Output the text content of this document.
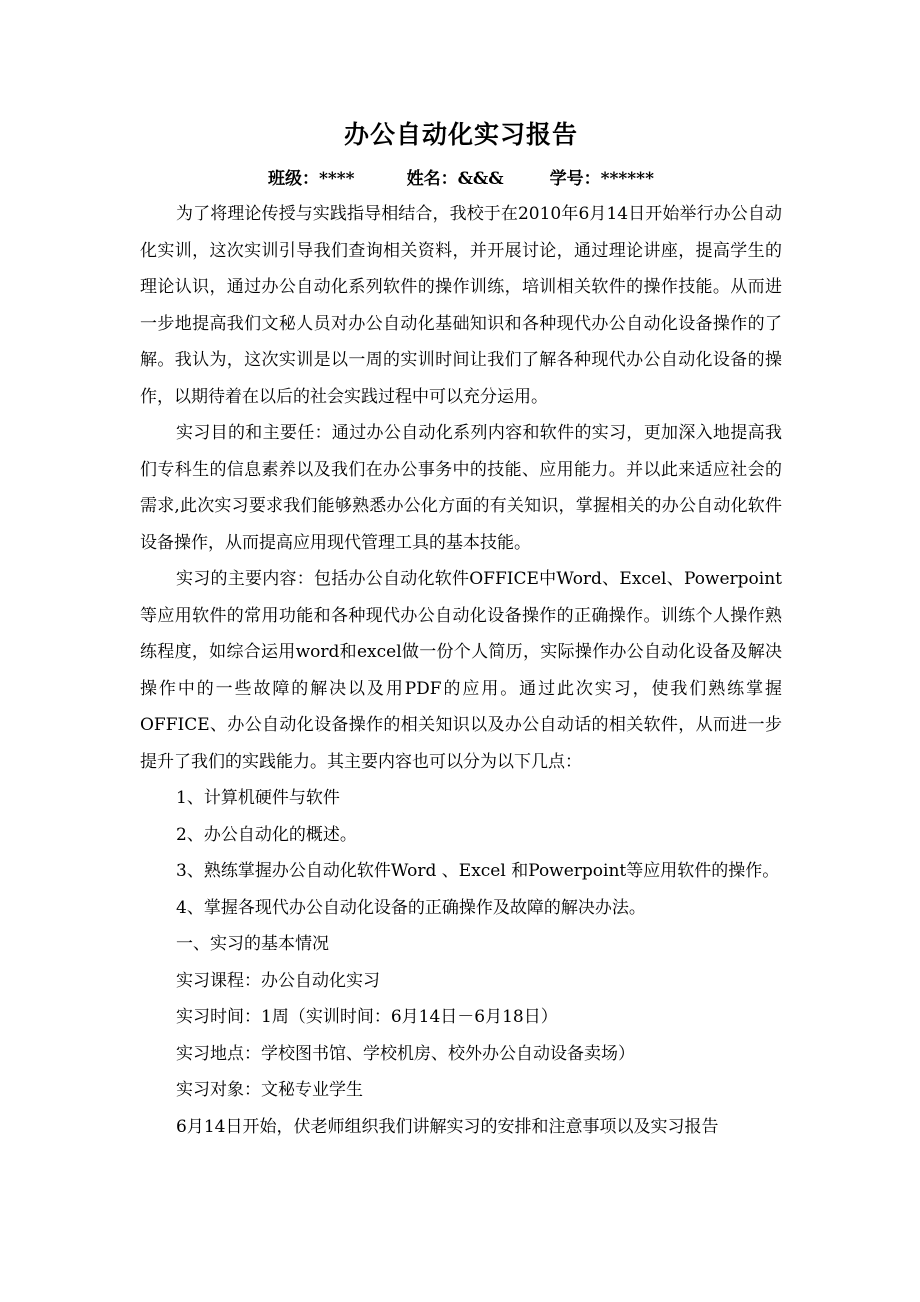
办公自动化实习报告
班级：****	姓名：&&&	学号：******

为了将理论传授与实践指导相结合，我校于在2010年6月14日开始举行办公自动化实训，这次实训引导我们查询相关资料，并开展讨论，通过理论讲座，提高学生的理论认识，通过办公自动化系列软件的操作训练，培训相关软件的操作技能。从而进一步地提高我们文秘人员对办公自动化基础知识和各种现代办公自动化设备操作的了解。我认为，这次实训是以一周的实训时间让我们了解各种现代办公自动化设备的操作，以期待着在以后的社会实践过程中可以充分运用。

实习目的和主要任：通过办公自动化系列内容和软件的实习，更加深入地提高我们专科生的信息素养以及我们在办公事务中的技能、应用能力。并以此来适应社会的需求,此次实习要求我们能够熟悉办公化方面的有关知识，掌握相关的办公自动化软件设备操作，从而提高应用现代管理工具的基本技能。

实习的主要内容：包括办公自动化软件OFFICE中Word、Excel、Powerpoint等应用软件的常用功能和各种现代办公自动化设备操作的正确操作。训练个人操作熟练程度，如综合运用word和excel做一份个人简历，实际操作办公自动化设备及解决操作中的一些故障的解决以及用PDF的应用。通过此次实习，使我们熟练掌握OFFICE、办公自动化设备操作的相关知识以及办公自动话的相关软件，从而进一步提升了我们的实践能力。其主要内容也可以分为以下几点：

1、计算机硬件与软件

2、办公自动化的概述。

3、熟练掌握办公自动化软件Word 、Excel 和Powerpoint等应用软件的操作。

4、掌握各现代办公自动化设备的正确操作及故障的解决办法。

一、实习的基本情况

实习课程：办公自动化实习

实习时间：1周（实训时间：6月14日－6月18日）

实习地点：学校图书馆、学校机房、校外办公自动设备卖场）

实习对象：文秘专业学生

6月14日开始，伏老师组织我们讲解实习的安排和注意事项以及实习报告
